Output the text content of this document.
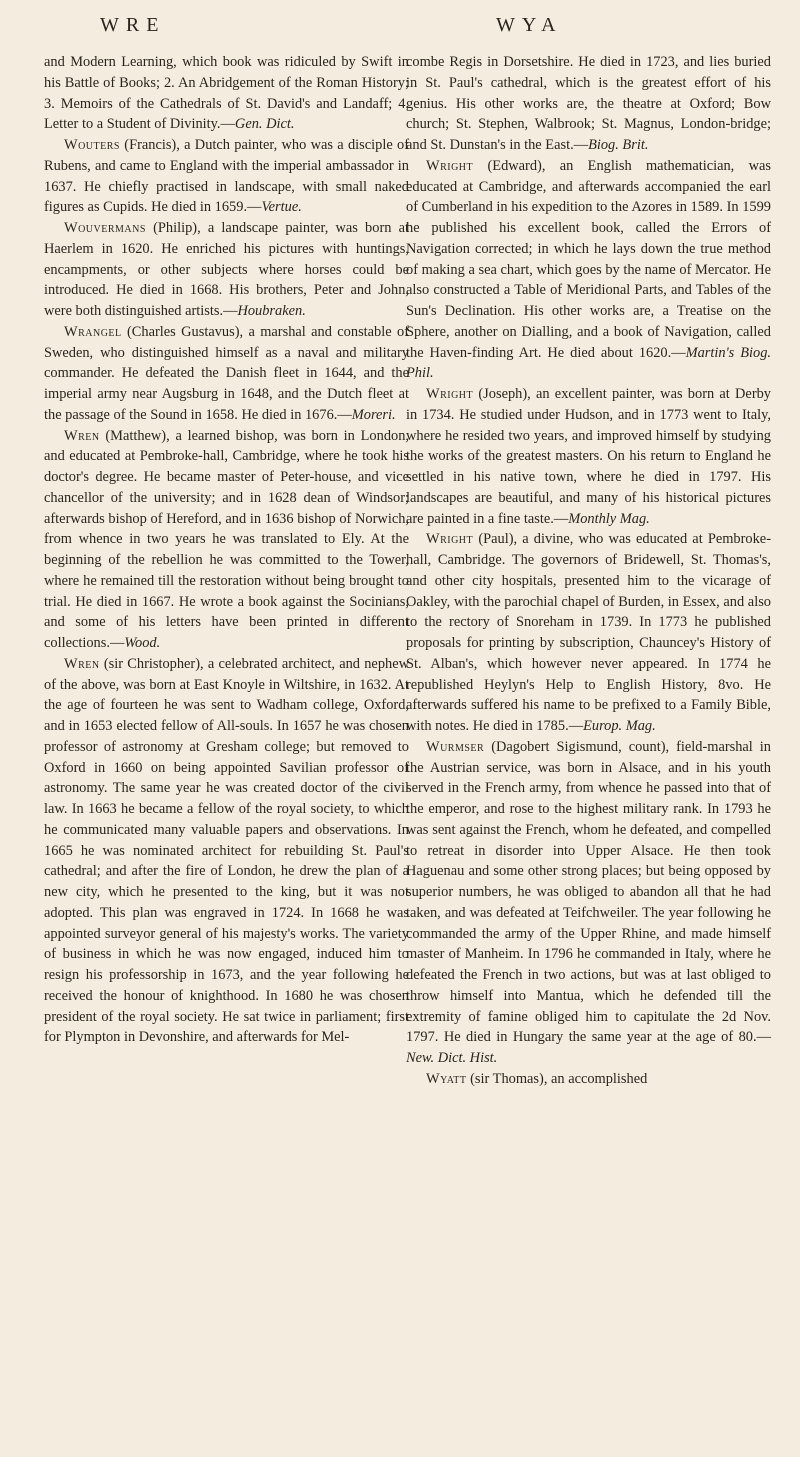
WRE	WYA

and Modern Learning, which book was ridiculed by Swift in his Battle of Books; 2. An Abridgement of the Roman History; 3. Memoirs of the Cathedrals of St. David's and Landaff; 4. Letter to a Student of Divinity.—Gen. Dict.

Wouters (Francis), a Dutch painter, who was a disciple of Rubens, and came to England with the imperial ambassador in 1637. He chiefly practised in landscape, with small naked figures as Cupids. He died in 1659.—Vertue.

Wouvermans (Philip), a landscape painter, was born at Haerlem in 1620. He enriched his pictures with huntings, encampments, or other subjects where horses could be introduced. He died in 1668. His brothers, Peter and John, were both distinguished artists.—Houbraken.

Wrangel (Charles Gustavus), a marshal and constable of Sweden, who distinguished himself as a naval and military commander. He defeated the Danish fleet in 1644, and the imperial army near Augsburg in 1648, and the Dutch fleet at the passage of the Sound in 1658. He died in 1676.—Moreri.

Wren (Matthew), a learned bishop, was born in London, and educated at Pembroke-hall, Cambridge, where he took his doctor's degree. He became master of Peter-house, and vice chancellor of the university; and in 1628 dean of Windsor; afterwards bishop of Hereford, and in 1636 bishop of Norwich, from whence in two years he was translated to Ely. At the beginning of the rebellion he was committed to the Tower, where he remained till the restoration without being brought to trial. He died in 1667. He wrote a book against the Socinians, and some of his letters have been printed in different collections.—Wood.

Wren (sir Christopher), a celebrated architect, and nephew of the above, was born at East Knoyle in Wiltshire, in 1632. At the age of fourteen he was sent to Wadham college, Oxford, and in 1653 elected fellow of All-souls. In 1657 he was chosen professor of astronomy at Gresham college; but removed to Oxford in 1660 on being appointed Savilian professor of astronomy. The same year he was created doctor of the civil law. In 1663 he became a fellow of the royal society, to which he communicated many valuable papers and observations. In 1665 he was nominated architect for rebuilding St. Paul's cathedral; and after the fire of London, he drew the plan of a new city, which he presented to the king, but it was not adopted. This plan was engraved in 1724. In 1668 he was appointed surveyor general of his majesty's works. The variety of business in which he was now engaged, induced him to resign his professorship in 1673, and the year following he received the honour of knighthood. In 1680 he was chosen president of the royal society. He sat twice in parliament; first for Plympton in Devonshire, and afterwards for Mel-

combe Regis in Dorsetshire. He died in 1723, and lies buried in St. Paul's cathedral, which is the greatest effort of his genius. His other works are, the theatre at Oxford; Bow church; St. Stephen, Walbrook; St. Magnus, London-bridge; and St. Dunstan's in the East.—Biog. Brit.

Wright (Edward), an English mathematician, was educated at Cambridge, and afterwards accompanied the earl of Cumberland in his expedition to the Azores in 1589. In 1599 he published his excellent book, called the Errors of Navigation corrected; in which he lays down the true method of making a sea chart, which goes by the name of Mercator. He also constructed a Table of Meridional Parts, and Tables of the Sun's Declination. His other works are, a Treatise on the Sphere, another on Dialling, and a book of Navigation, called the Haven-finding Art. He died about 1620.—Martin's Biog. Phil.

Wright (Joseph), an excellent painter, was born at Derby in 1734. He studied under Hudson, and in 1773 went to Italy, where he resided two years, and improved himself by studying the works of the greatest masters. On his return to England he settled in his native town, where he died in 1797. His landscapes are beautiful, and many of his historical pictures are painted in a fine taste.—Monthly Mag.

Wright (Paul), a divine, who was educated at Pembroke-hall, Cambridge. The governors of Bridewell, St. Thomas's, and other city hospitals, presented him to the vicarage of Oakley, with the parochial chapel of Burden, in Essex, and also to the rectory of Snoreham in 1739. In 1773 he published proposals for printing by subscription, Chauncey's History of St. Alban's, which however never appeared. In 1774 he republished Heylyn's Help to English History, 8vo. He afterwards suffered his name to be prefixed to a Family Bible, with notes. He died in 1785.—Europ. Mag.

Wurmser (Dagobert Sigismund, count), field-marshal in the Austrian service, was born in Alsace, and in his youth served in the French army, from whence he passed into that of the emperor, and rose to the highest military rank. In 1793 he was sent against the French, whom he defeated, and compelled to retreat in disorder into Upper Alsace. He then took Haguenau and some other strong places; but being opposed by superior numbers, he was obliged to abandon all that he had taken, and was defeated at Teifchweiler. The year following he commanded the army of the Upper Rhine, and made himself master of Manheim. In 1796 he commanded in Italy, where he defeated the French in two actions, but was at last obliged to throw himself into Mantua, which he defended till the extremity of famine obliged him to capitulate the 2d Nov. 1797. He died in Hungary the same year at the age of 80.—New. Dict. Hist.

Wyatt (sir Thomas), an accomplished
